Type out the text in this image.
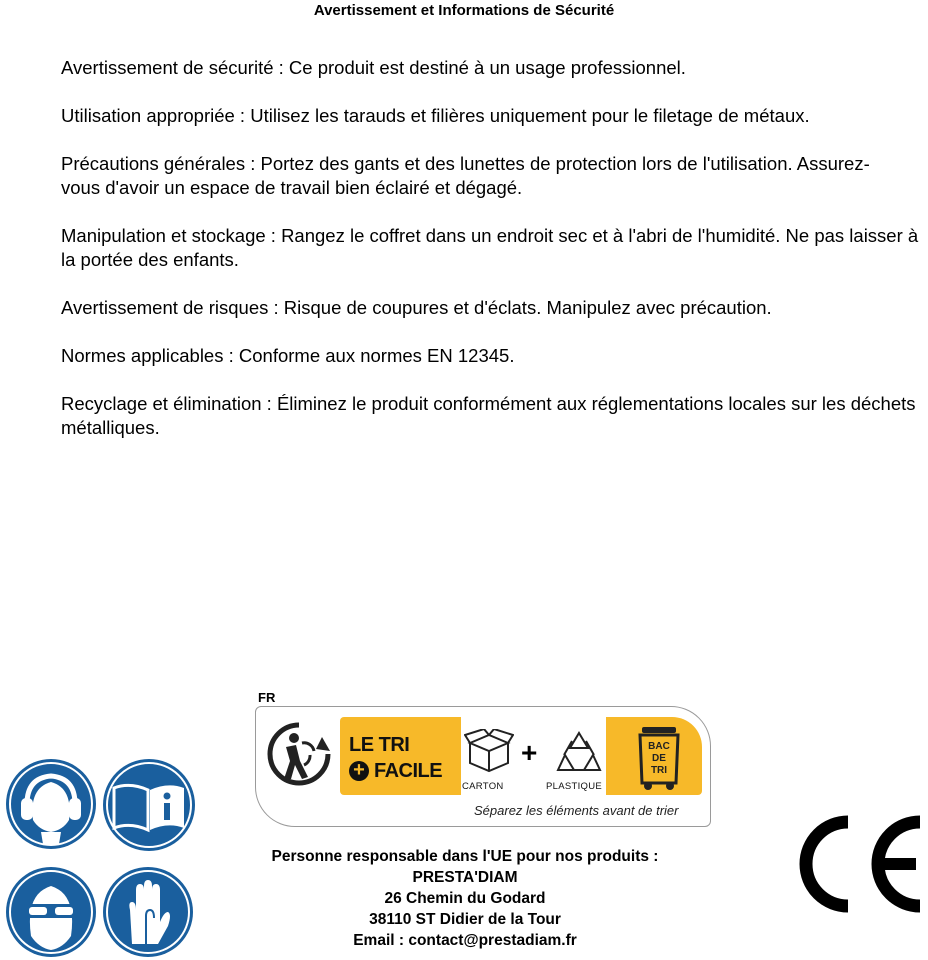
Avertissement et Informations de Sécurité

Avertissement de sécurité : Ce produit est destiné à un usage professionnel.

Utilisation appropriée : Utilisez les tarauds et filières uniquement pour le filetage de métaux.

Précautions générales : Portez des gants et des lunettes de protection lors de l'utilisation. Assurez-vous d'avoir un espace de travail bien éclairé et dégagé.

Manipulation et stockage : Rangez le coffret dans un endroit sec et à l'abri de l'humidité. Ne pas laisser à la portée des enfants.

Avertissement de risques : Risque de coupures et d'éclats. Manipulez avec précaution.

Normes applicables : Conforme aux normes EN 12345.

Recyclage et élimination : Éliminez le produit conformément aux réglementations locales sur les déchets métalliques.

FR
LE TRI
+ FACILE
CARTON
+
PLASTIQUE
BAC
DE
TRI
Séparez les éléments avant de trier
Personne responsable dans l'UE pour nos produits :
PRESTA'DIAM
26 Chemin du Godard
38110 ST Didier de la Tour
Email : contact@prestadiam.fr
CE
